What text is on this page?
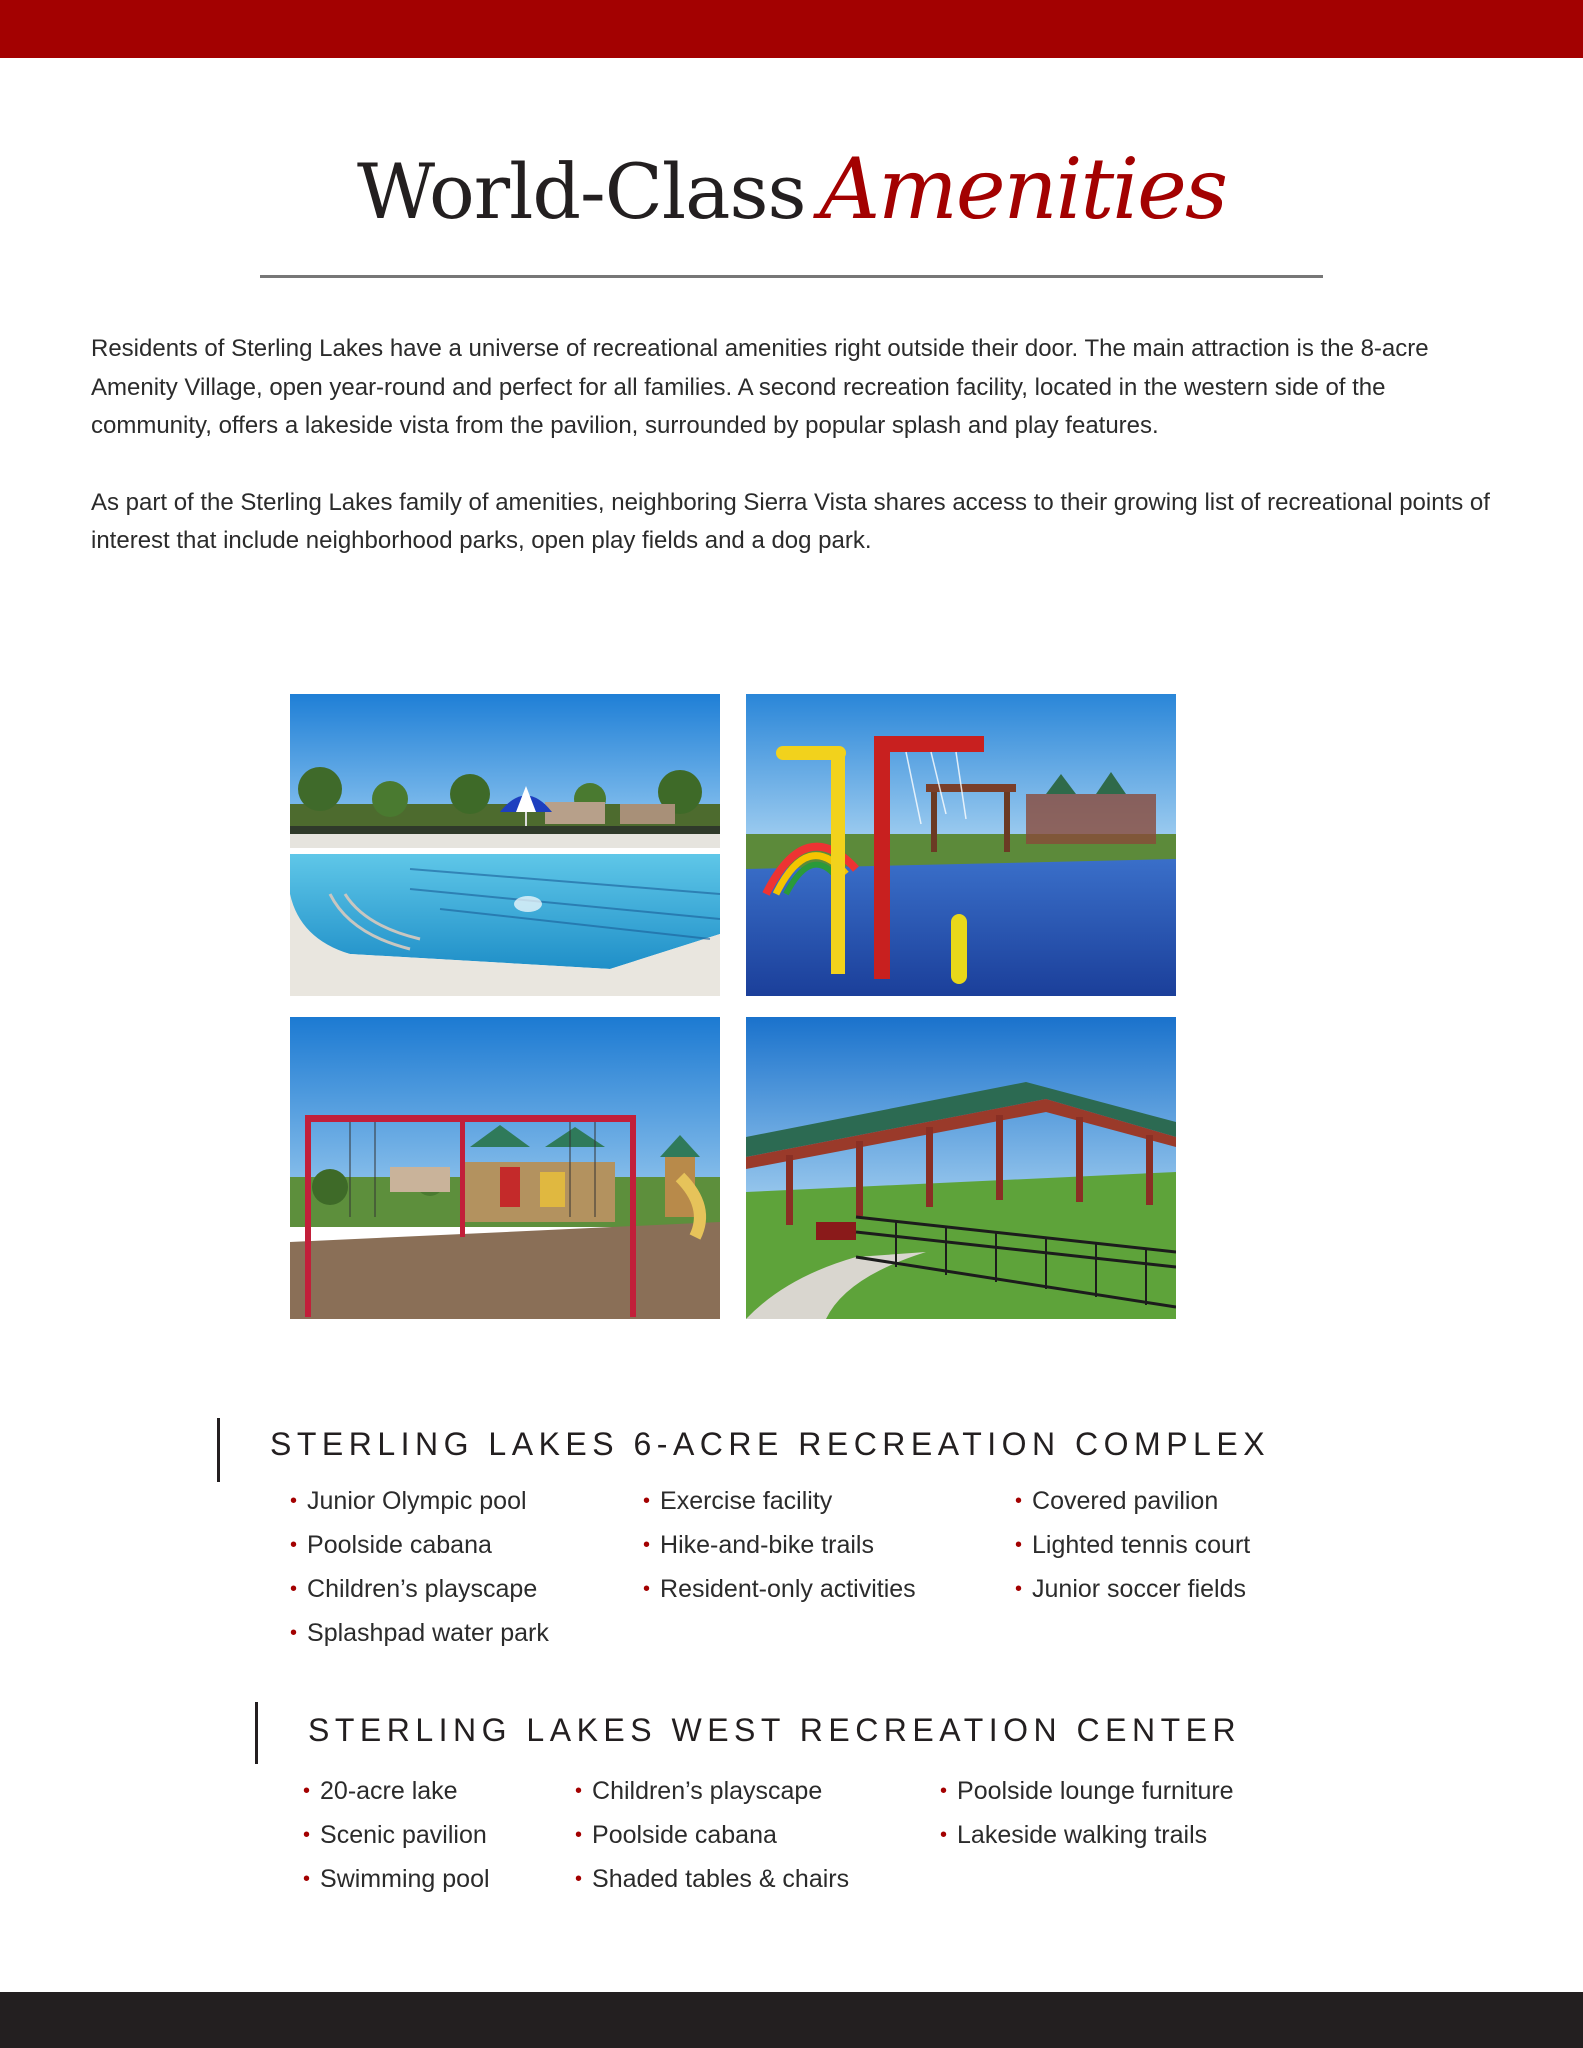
World-Class Amenities

Residents of Sterling Lakes have a universe of recreational amenities right outside their door. The main attraction is the 8-acre Amenity Village, open year-round and perfect for all families. A second recreation facility, located in the western side of the community, offers a lakeside vista from the pavilion, surrounded by popular splash and play features.

As part of the Sterling Lakes family of amenities, neighboring Sierra Vista shares access to their growing list of recreational points of interest that include neighborhood parks, open play fields and a dog park.

STERLING LAKES 6-ACRE RECREATION COMPLEX
• Junior Olympic pool
• Poolside cabana
• Children’s playscape
• Splashpad water park
• Exercise facility
• Hike-and-bike trails
• Resident-only activities
• Covered pavilion
• Lighted tennis court
• Junior soccer fields
STERLING LAKES WEST RECREATION CENTER
• 20-acre lake
• Scenic pavilion
• Swimming pool
• Children’s playscape
• Poolside cabana
• Shaded tables & chairs
• Poolside lounge furniture
• Lakeside walking trails
